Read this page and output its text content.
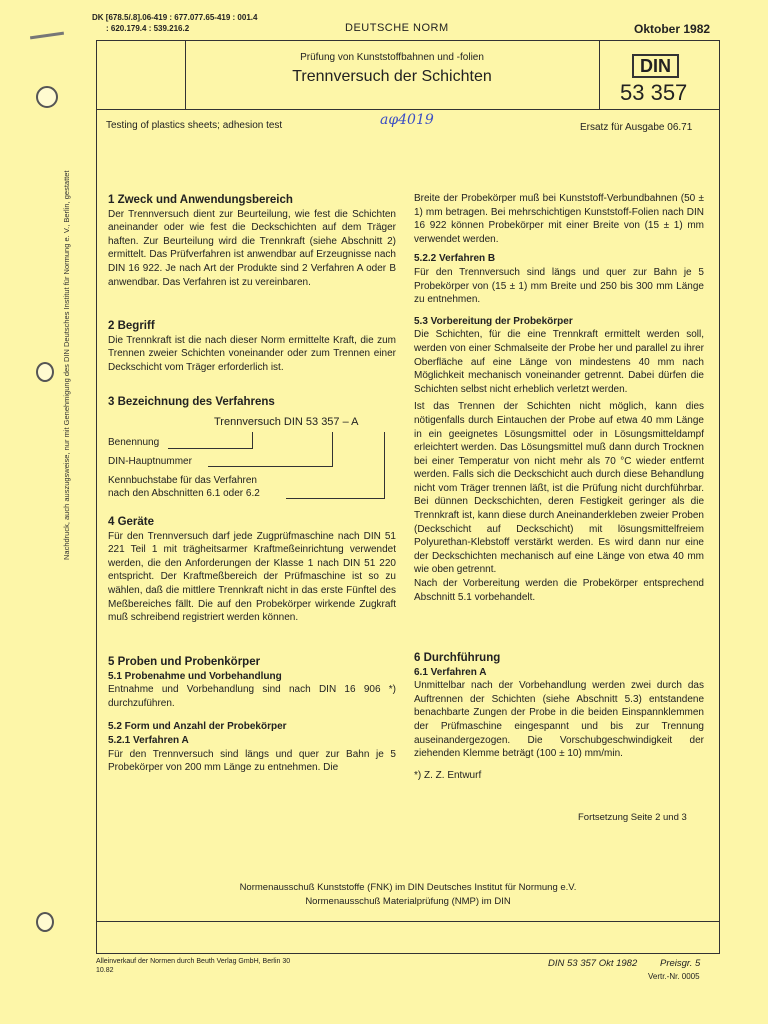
Nachdruck, auch auszugsweise, nur mit Genehmigung des DIN Deutsches Institut für Normung e. V., Berlin, gestattet
DK [678.5/.8].06-419 : 677.077.65-419 : 001.4
: 620.179.4 : 539.216.2	DEUTSCHE NORM	Oktober 1982
Prüfung von Kunststoffbahnen und -folien
Trennversuch der Schichten
DIN
53 357
Testing of plastics sheets; adhesion test	aφ4019	Ersatz für Ausgabe 06.71

1 Zweck und Anwendungsbereich

Der Trennversuch dient zur Beurteilung, wie fest die Schichten aneinander oder wie fest die Deckschichten auf dem Träger haften. Zur Beurteilung wird die Trennkraft (siehe Abschnitt 2) ermittelt. Das Prüfverfahren ist anwendbar auf Erzeugnisse nach DIN 16 922. Je nach Art der Produkte sind 2 Verfahren A oder B anwendbar. Das Verfahren ist zu vereinbaren.

2 Begriff

Die Trennkraft ist die nach dieser Norm ermittelte Kraft, die zum Trennen zweier Schichten voneinander oder zum Trennen einer Deckschicht vom Träger erforderlich ist.

3 Bezeichnung des Verfahrens

Trennversuch DIN 53 357 – A
Benennung
DIN-Hauptnummer
Kennbuchstabe für das Verfahren
nach den Abschnitten 6.1 oder 6.2

4 Geräte

Für den Trennversuch darf jede Zugprüfmaschine nach DIN 51 221 Teil 1 mit trägheitsarmer Kraftmeßeinrichtung verwendet werden, die den Anforderungen der Klasse 1 nach DIN 51 220 entspricht. Der Kraftmeßbereich der Prüfmaschine ist so zu wählen, daß die mittlere Trennkraft nicht in das erste Fünftel des Meßbereiches fällt. Die auf den Probekörper wirkende Zugkraft muß schreibend registriert werden können.

5 Proben und Probenkörper

5.1 Probenahme und Vorbehandlung

Entnahme und Vorbehandlung sind nach DIN 16 906 *) durchzuführen.

5.2 Form und Anzahl der Probekörper

5.2.1 Verfahren A

Für den Trennversuch sind längs und quer zur Bahn je 5 Probekörper von 200 mm Länge zu entnehmen. Die

Breite der Probekörper muß bei Kunststoff-Verbundbahnen (50 ± 1) mm betragen. Bei mehrschichtigen Kunststoff-Folien nach DIN 16 922 können Probekörper mit einer Breite von (15 ± 1) mm verwendet werden.

5.2.2 Verfahren B

Für den Trennversuch sind längs und quer zur Bahn je 5 Probekörper von (15 ± 1) mm Breite und 250 bis 300 mm Länge zu entnehmen.

5.3 Vorbereitung der Probekörper

Die Schichten, für die eine Trennkraft ermittelt werden soll, werden von einer Schmalseite der Probe her und parallel zu ihrer Oberfläche auf eine Länge von mindestens 40 mm nach Möglichkeit mechanisch voneinander getrennt. Dabei dürfen die Schichten selbst nicht erheblich verletzt werden.

Ist das Trennen der Schichten nicht möglich, kann dies nötigenfalls durch Eintauchen der Probe auf etwa 40 mm Länge in ein geeignetes Lösungsmittel oder in Lösungsmitteldampf erleichtert werden. Das Lösungsmittel muß dann durch Trocknen bei einer Temperatur von nicht mehr als 70 °C wieder entfernt werden. Falls sich die Deckschicht auch durch diese Behandlung nicht vom Träger trennen läßt, ist die Prüfung nicht durchführbar. Bei dünnen Deckschichten, deren Festigkeit geringer als die Trennkraft ist, kann diese durch Aneinanderkleben zweier Proben (Deckschicht auf Deckschicht) mit lösungsmittelfreiem Polyurethan-Klebstoff verstärkt werden. Es wird dann nur eine der Deckschichten mechanisch auf eine Länge von etwa 40 mm wie oben getrennt.

Nach der Vorbereitung werden die Probekörper entsprechend Abschnitt 5.1 vorbehandelt.

6 Durchführung

6.1 Verfahren A

Unmittelbar nach der Vorbehandlung werden zwei durch das Auftrennen der Schichten (siehe Abschnitt 5.3) entstandene benachbarte Zungen der Probe in die beiden Einspannklemmen der Prüfmaschine eingespannt und bis zur Trennung auseinandergezogen. Die Vorschubgeschwindigkeit der ziehenden Klemme beträgt (100 ± 10) mm/min.

*) Z. Z. Entwurf

Fortsetzung Seite 2 und 3
Normenausschuß Kunststoffe (FNK) im DIN Deutsches Institut für Normung e.V.
Normenausschuß Materialprüfung (NMP) im DIN
Alleinverkauf der Normen durch Beuth Verlag GmbH, Berlin 30
10.82
DIN 53 357 Okt 1982 Preisgr. 5
Vertr.-Nr. 0005
